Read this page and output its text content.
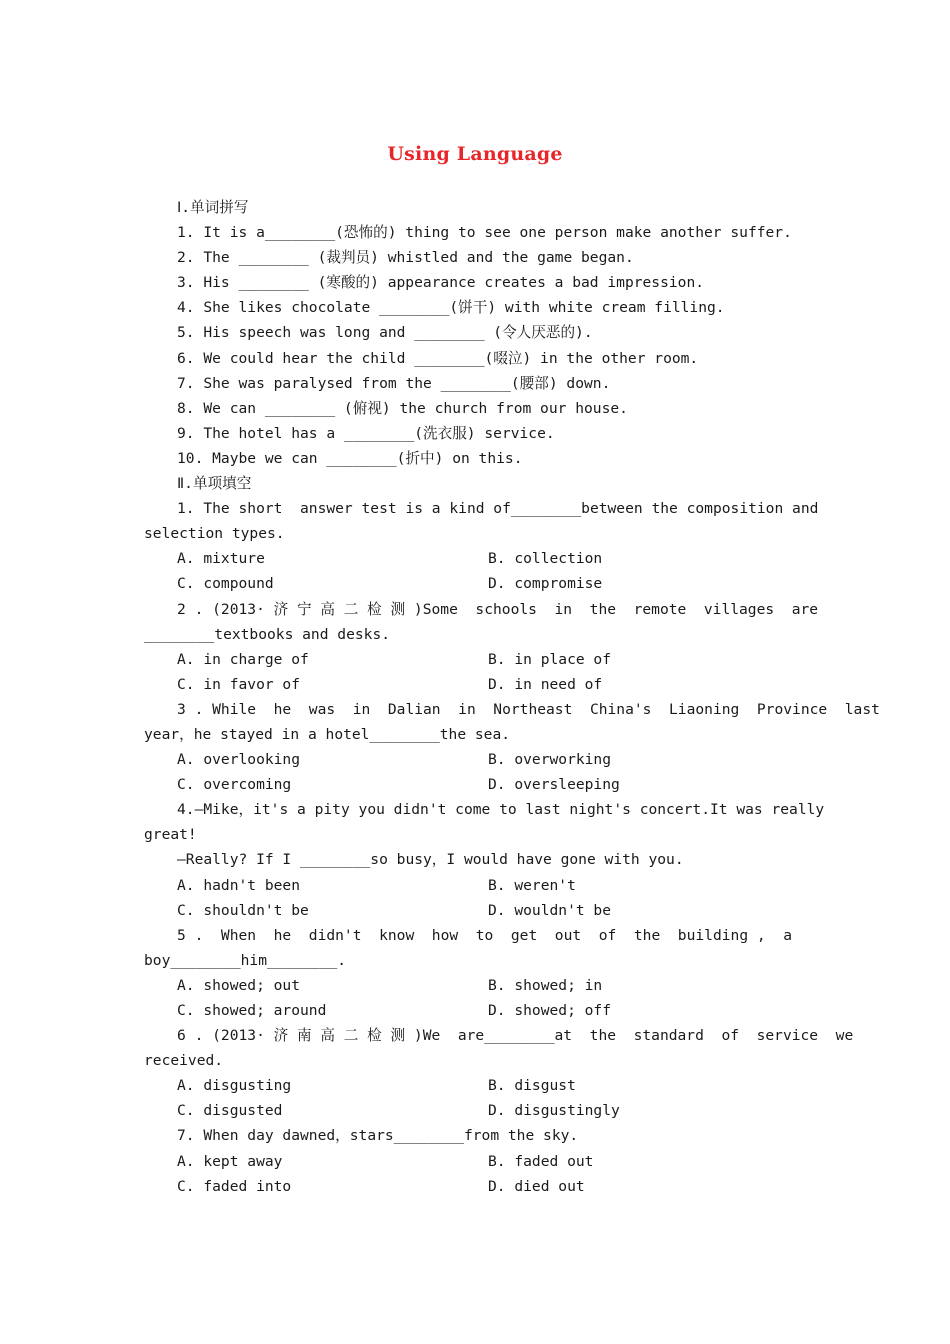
Using Language
Ⅰ.单词拼写
1. It is a________(恐怖的) thing to see one person make another suffer.
2. The ________ (裁判员) whistled and the game began.
3. His ________ (寒酸的) appearance creates a bad impression.
4. She likes chocolate ________(饼干) with white cream filling.
5. His speech was long and ________ (令人厌恶的).
6. We could hear the child ________(啜泣) in the other room.
7. She was paralysed from the ________(腰部) down.
8. We can ________ (俯视) the church from our house.
9. The hotel has a ________(洗衣服) service.
10. Maybe we can ________(折中) on this.
Ⅱ.单项填空
1. The short  answer test is a kind of________between the composition and
selection types.
A. mixture	B. collection
C. compound	D. compromise
2 . (2013· 济 宁 高 二 检 测 )Some  schools  in  the  remote  villages  are
________textbooks and desks.
A. in charge of	B. in place of
C. in favor of	D. in need of
3 . While  he  was  in  Dalian  in  Northeast  China's  Liaoning  Province  last
year，he stayed in a hotel________the sea.
A. overlooking	B. overworking
C. overcoming	D. oversleeping
4.—Mike，it's a pity you didn't come to last night's concert.It was really
great!
—Really? If I ________so busy，I would have gone with you.
A. hadn't been	B. weren't
C. shouldn't be	D. wouldn't be
5 .  When  he  didn't  know  how  to  get  out  of  the  building ,  a
boy________him________.
A. showed; out	B. showed; in
C. showed; around	D. showed; off
6 . (2013· 济 南 高 二 检 测 )We  are________at  the  standard  of  service  we
received.
A. disgusting	B. disgust
C. disgusted	D. disgustingly
7. When day dawned，stars________from the sky.
A. kept away	B. faded out
C. faded into	D. died out
